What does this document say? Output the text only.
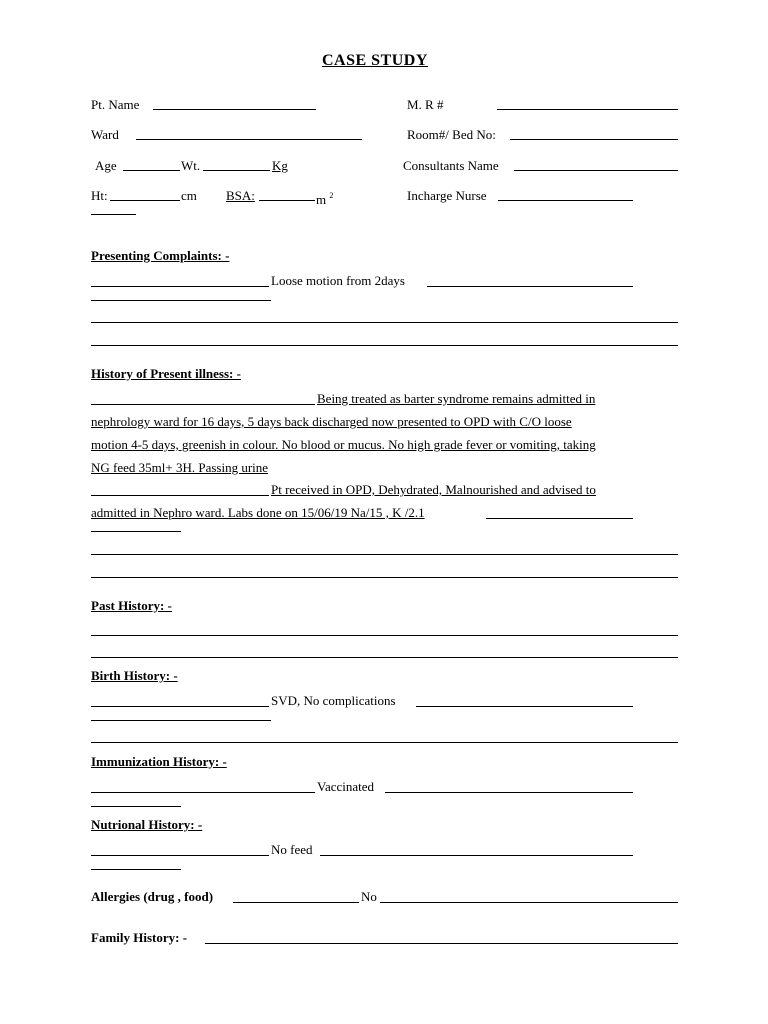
CASE STUDY
Pt. Name	M. R #
Ward	Room#/ Bed No:
Age	Wt.	Kg	Consultants Name
Ht:	cm BSA:	m $^2$	Incharge Nurse
Presenting Complaints: -
Loose motion from 2days
History of Present illness: -
Being treated as barter syndrome remains admitted in
nephrology ward for 16 days, 5 days back discharged now presented to OPD with C/O loose
motion 4-5 days, greenish in colour. No blood or mucus. No high grade fever or vomiting, taking
NG feed 35ml+ 3H. Passing urine
Pt received in OPD, Dehydrated, Malnourished and advised to
admitted in Nephro ward. Labs done on 15/06/19 Na/15 , K /2.1
Past History: -
Birth History: -
SVD, No complications
Immunization History: -
Vaccinated
Nutrional History: -
No feed
Allergies (drug , food)	No
Family History: -
